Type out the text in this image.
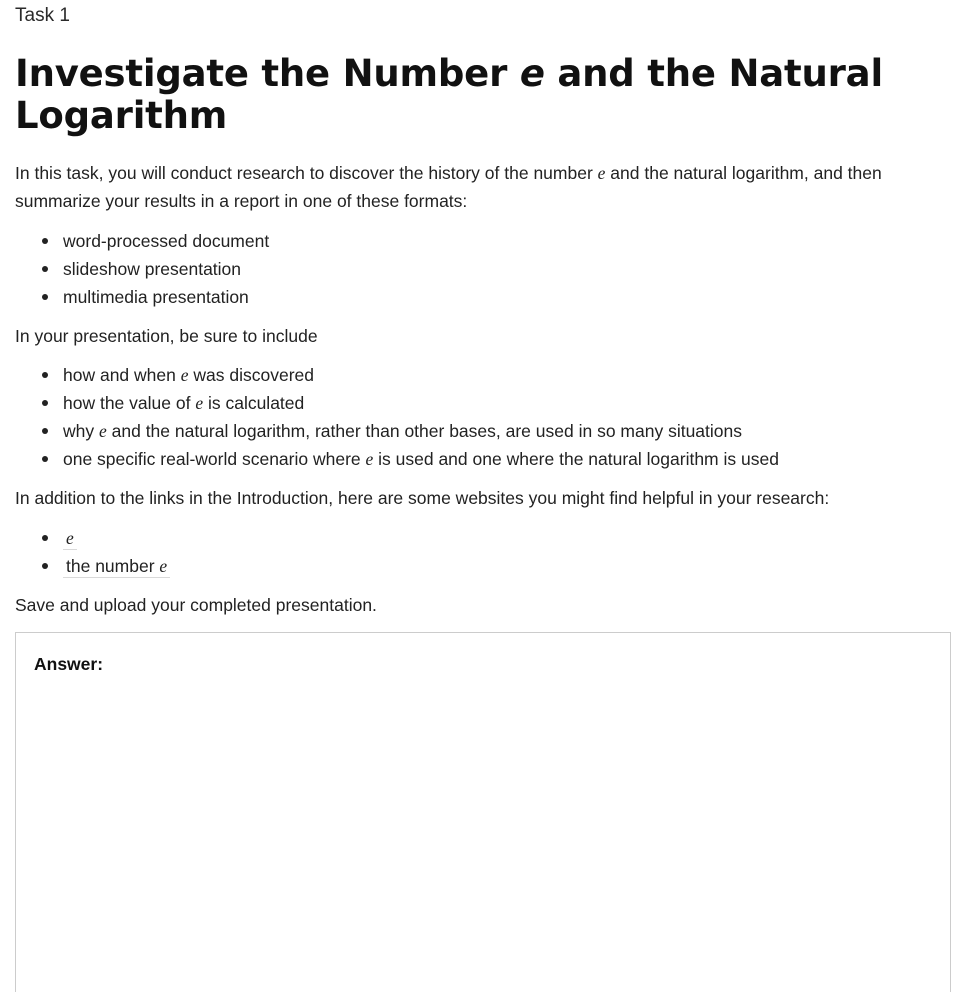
Task 1
Investigate the Number e and the Natural Logarithm

In this task, you will conduct research to discover the history of the number e and the natural logarithm, and then summarize your results in a report in one of these formats:

word-processed document
slideshow presentation
multimedia presentation

In your presentation, be sure to include

how and when e was discovered
how the value of e is calculated
why e and the natural logarithm, rather than other bases, are used in so many situations
one specific real-world scenario where e is used and one where the natural logarithm is used

In addition to the links in the Introduction, here are some websites you might find helpful in your research:

e
the number e

Save and upload your completed presentation.

Answer:
